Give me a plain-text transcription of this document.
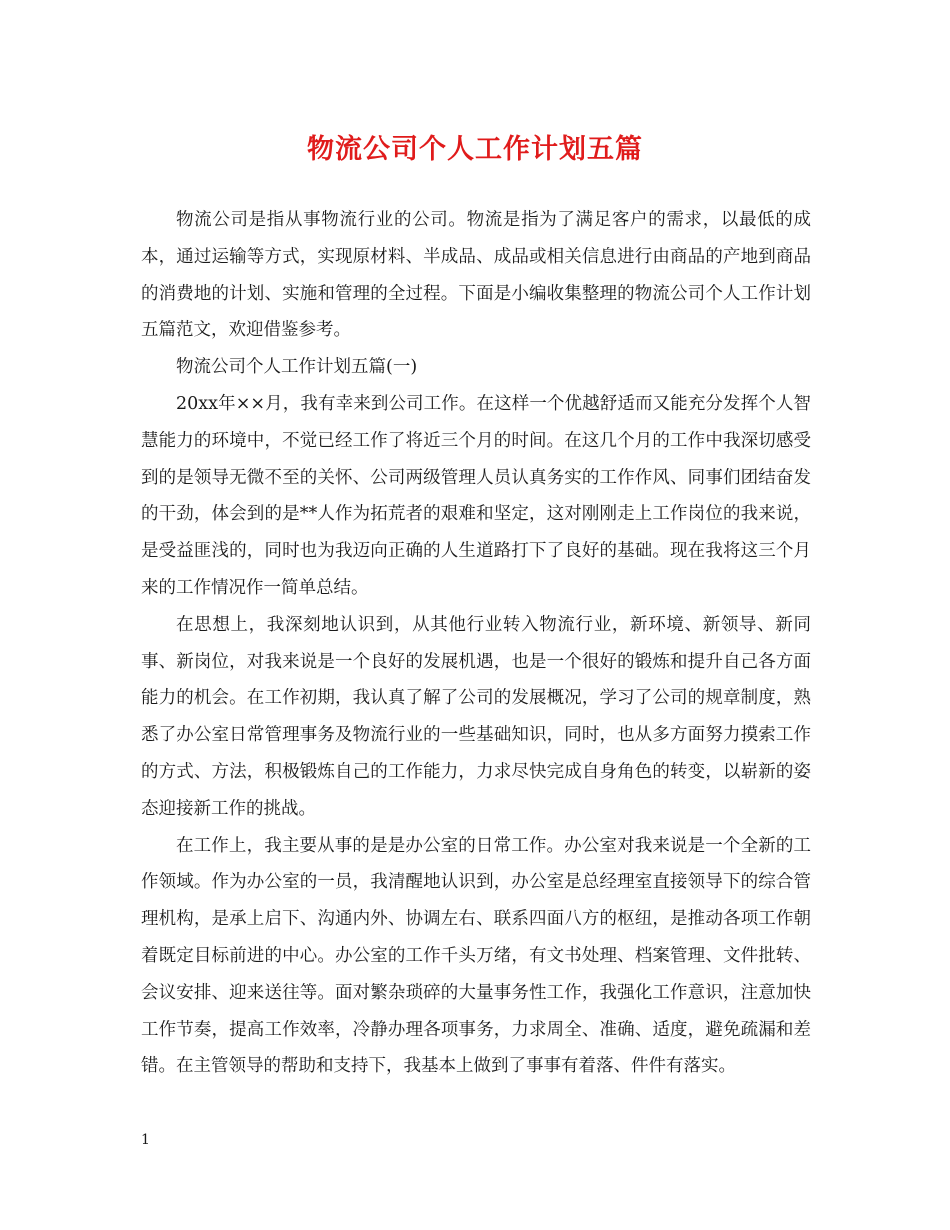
物流公司个人工作计划五篇

物流公司是指从事物流行业的公司。物流是指为了满足客户的需求，以最低的成本，通过运输等方式，实现原材料、半成品、成品或相关信息进行由商品的产地到商品的消费地的计划、实施和管理的全过程。下面是小编收集整理的物流公司个人工作计划五篇范文，欢迎借鉴参考。

物流公司个人工作计划五篇(一)

20xx年××月，我有幸来到公司工作。在这样一个优越舒适而又能充分发挥个人智慧能力的环境中，不觉已经工作了将近三个月的时间。在这几个月的工作中我深切感受到的是领导无微不至的关怀、公司两级管理人员认真务实的工作作风、同事们团结奋发的干劲，体会到的是**人作为拓荒者的艰难和坚定，这对刚刚走上工作岗位的我来说，是受益匪浅的，同时也为我迈向正确的人生道路打下了良好的基础。现在我将这三个月来的工作情况作一简单总结。

在思想上，我深刻地认识到，从其他行业转入物流行业，新环境、新领导、新同事、新岗位，对我来说是一个良好的发展机遇，也是一个很好的锻炼和提升自己各方面能力的机会。在工作初期，我认真了解了公司的发展概况，学习了公司的规章制度，熟悉了办公室日常管理事务及物流行业的一些基础知识，同时，也从多方面努力摸索工作的方式、方法，积极锻炼自己的工作能力，力求尽快完成自身角色的转变，以崭新的姿态迎接新工作的挑战。

在工作上，我主要从事的是是办公室的日常工作。办公室对我来说是一个全新的工作领域。作为办公室的一员，我清醒地认识到，办公室是总经理室直接领导下的综合管理机构，是承上启下、沟通内外、协调左右、联系四面八方的枢纽，是推动各项工作朝着既定目标前进的中心。办公室的工作千头万绪，有文书处理、档案管理、文件批转、会议安排、迎来送往等。面对繁杂琐碎的大量事务性工作，我强化工作意识，注意加快工作节奏，提高工作效率，冷静办理各项事务，力求周全、准确、适度，避免疏漏和差错。在主管领导的帮助和支持下，我基本上做到了事事有着落、件件有落实。

1
